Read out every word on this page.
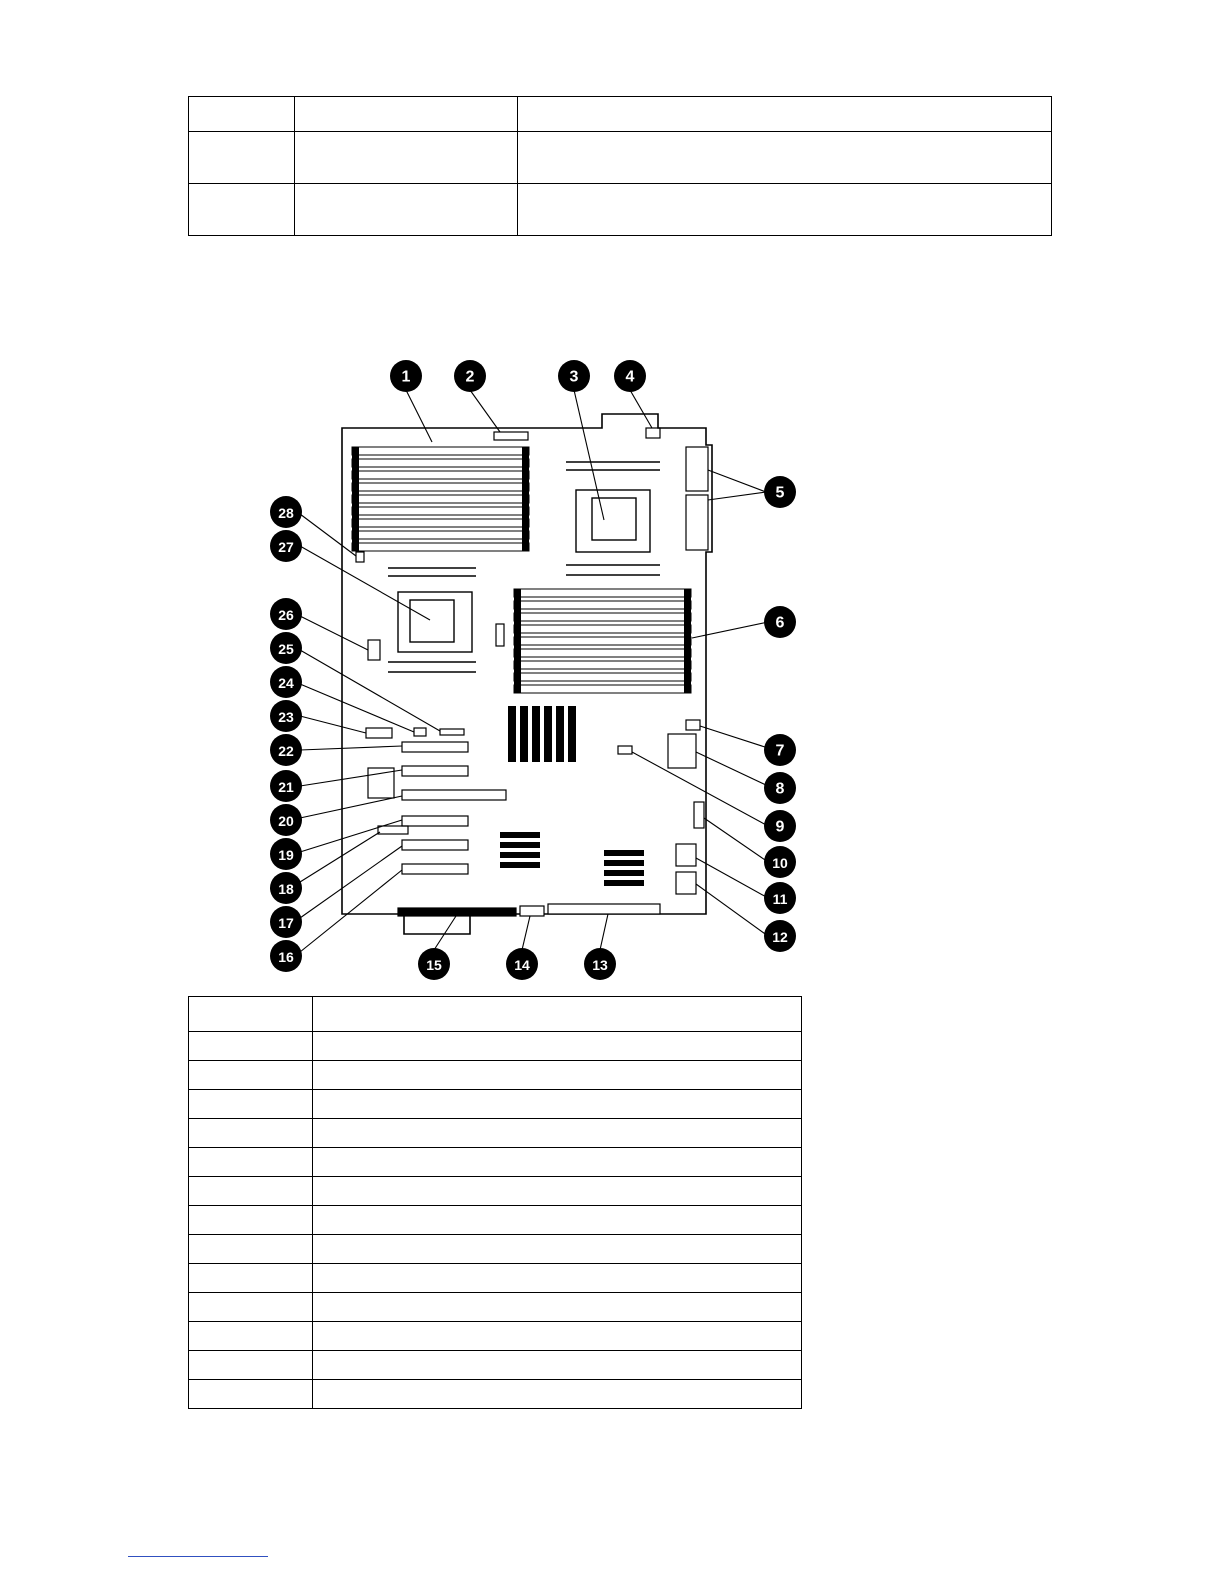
1	2	3	4
5
6
7
8
9
10
11
12
13
14
15
16
17
18
19
20
21
22
23
24
25
26
27
28
